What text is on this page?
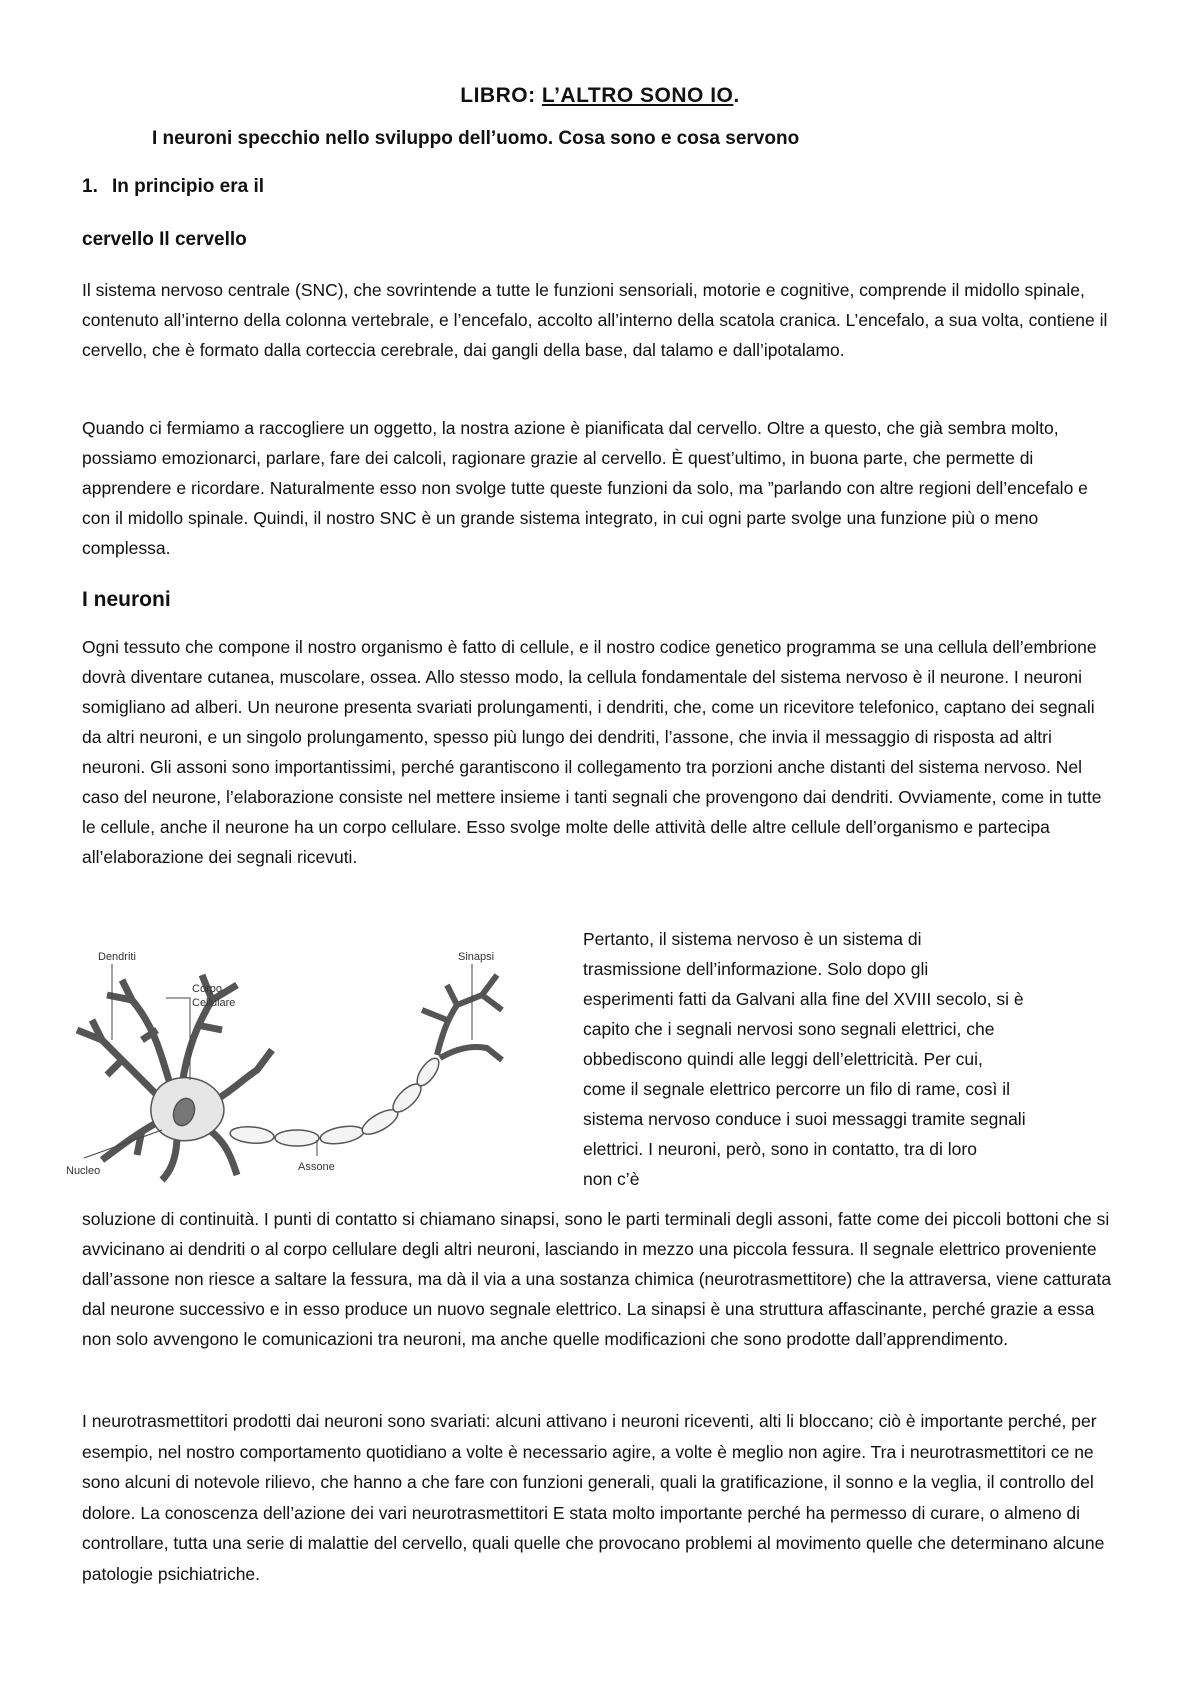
LIBRO: L’ALTRO SONO IO.
I neuroni specchio nello sviluppo dell’uomo. Cosa sono e cosa servono
1. In principio era il
cervello Il cervello
Il sistema nervoso centrale (SNC), che sovrintende a tutte le funzioni sensoriali, motorie e cognitive, comprende il midollo spinale, contenuto all’interno della colonna vertebrale, e l’encefalo, accolto all’interno della scatola cranica. L’encefalo, a sua volta, contiene il cervello, che è formato dalla corteccia cerebrale, dai gangli della base, dal talamo e dall’ipotalamo.
Quando ci fermiamo a raccogliere un oggetto, la nostra azione è pianificata dal cervello. Oltre a questo, che già sembra molto, possiamo emozionarci, parlare, fare dei calcoli, ragionare grazie al cervello. È quest’ultimo, in buona parte, che permette di apprendere e ricordare. Naturalmente esso non svolge tutte queste funzioni da solo, ma ”parlando con altre regioni dell’encefalo e con il midollo spinale. Quindi, il nostro SNC è un grande sistema integrato, in cui ogni parte svolge una funzione più o meno complessa.
I neuroni
Ogni tessuto che compone il nostro organismo è fatto di cellule, e il nostro codice genetico programma se una cellula dell’embrione dovrà diventare cutanea, muscolare, ossea. Allo stesso modo, la cellula fondamentale del sistema nervoso è il neurone. I neuroni somigliano ad alberi. Un neurone presenta svariati prolungamenti, i dendriti, che, come un ricevitore telefonico, captano dei segnali da altri neuroni, e un singolo prolungamento, spesso più lungo dei dendriti, l’assone, che invia il messaggio di risposta ad altri neuroni. Gli assoni sono importantissimi, perché garantiscono il collegamento tra porzioni anche distanti del sistema nervoso. Nel caso del neurone, l’elaborazione consiste nel mettere insieme i tanti segnali che provengono dai dendriti. Ovviamente, come in tutte le cellule, anche il neurone ha un corpo cellulare. Esso svolge molte delle attività delle altre cellule dell’organismo e partecipa all’elaborazione dei segnali ricevuti.
Dendriti
Corpo
Cellulare
Sinapsi
Assone
Nucleo
Pertanto, il sistema nervoso è un sistema di
trasmissione dell’informazione. Solo dopo gli
esperimenti fatti da Galvani alla fine del XVIII secolo, si è
capito che i segnali nervosi sono segnali elettrici, che
obbediscono quindi alle leggi dell’elettricità. Per cui,
come il segnale elettrico percorre un filo di rame, così il
sistema nervoso conduce i suoi messaggi tramite segnali
elettrici. I neuroni, però, sono in contatto, tra di loro
non c’è
soluzione di continuità. I punti di contatto si chiamano sinapsi, sono le parti terminali degli assoni, fatte come dei piccoli bottoni che si avvicinano ai dendriti o al corpo cellulare degli altri neuroni, lasciando in mezzo una piccola fessura. Il segnale elettrico proveniente dall’assone non riesce a saltare la fessura, ma dà il via a una sostanza chimica (neurotrasmettitore) che la attraversa, viene catturata dal neurone successivo e in esso produce un nuovo segnale elettrico. La sinapsi è una struttura affascinante, perché grazie a essa non solo avvengono le comunicazioni tra neuroni, ma anche quelle modificazioni che sono prodotte dall’apprendimento.
I neurotrasmettitori prodotti dai neuroni sono svariati: alcuni attivano i neuroni riceventi, alti li bloccano; ciò è importante perché, per esempio, nel nostro comportamento quotidiano a volte è necessario agire, a volte è meglio non agire. Tra i neurotrasmettitori ce ne sono alcuni di notevole rilievo, che hanno a che fare con funzioni generali, quali la gratificazione, il sonno e la veglia, il controllo del dolore. La conoscenza dell’azione dei vari neurotrasmettitori E stata molto importante perché ha permesso di curare, o almeno di controllare, tutta una serie di malattie del cervello, quali quelle che provocano problemi al movimento quelle che determinano alcune patologie psichiatriche.
